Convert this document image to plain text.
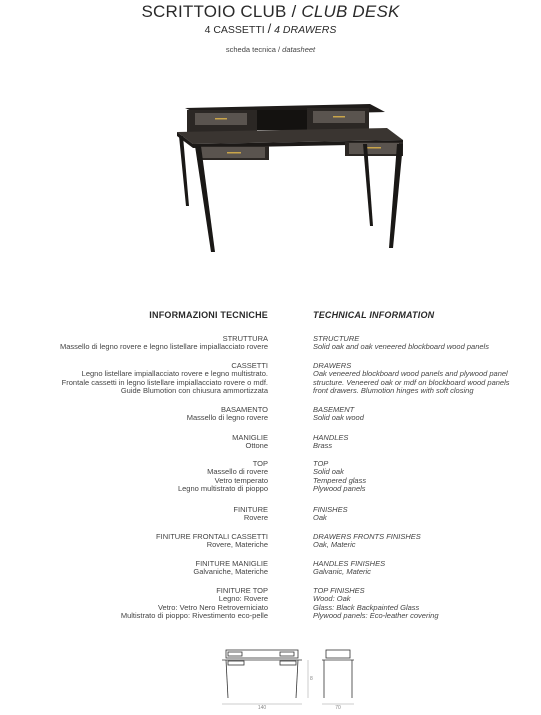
SCRITTOIO CLUB / CLUB DESK
4 CASSETTI / 4 DRAWERS
scheda tecnica / datasheet
INFORMAZIONI TECNICHE	TECHNICAL INFORMATION
STRUTTURA
Massello di legno rovere e legno listellare impiallacciato rovere
CASSETTI
Legno listellare impiallacciato rovere e legno multistrato.
Frontale cassetti in legno listellare impiallacciato rovere o mdf.
Guide Blumotion con chiusura ammortizzata
BASAMENTO
Massello di legno rovere
MANIGLIE
Ottone
TOP
Massello di rovere
Vetro temperato
Legno multistrato di pioppo
FINITURE
Rovere
FINITURE FRONTALI CASSETTI
Rovere, Materiche
FINITURE MANIGLIE
Galvaniche, Materiche
FINITURE TOP
Legno: Rovere
Vetro: Vetro Nero Retroverniciato
Multistrato di pioppo: Rivestimento eco-pelle
STRUCTURE
Solid oak and oak veneered blockboard wood panels
DRAWERS
Oak veneered blockboard wood panels and plywood panel
structure. Veneered oak or mdf on blockboard wood panels
front drawers. Blumotion hinges with soft closing
BASEMENT
Solid oak wood
HANDLES
Brass
TOP
Solid oak
Tempered glass
Plywood panels
FINISHES
Oak
DRAWERS FRONTS FINISHES
Oak, Materic
HANDLES FINISHES
Galvanic, Materic
TOP FINISHES
Wood: Oak
Glass: Black Backpainted Glass
Plywood panels: Eco-leather covering
140
8
70
